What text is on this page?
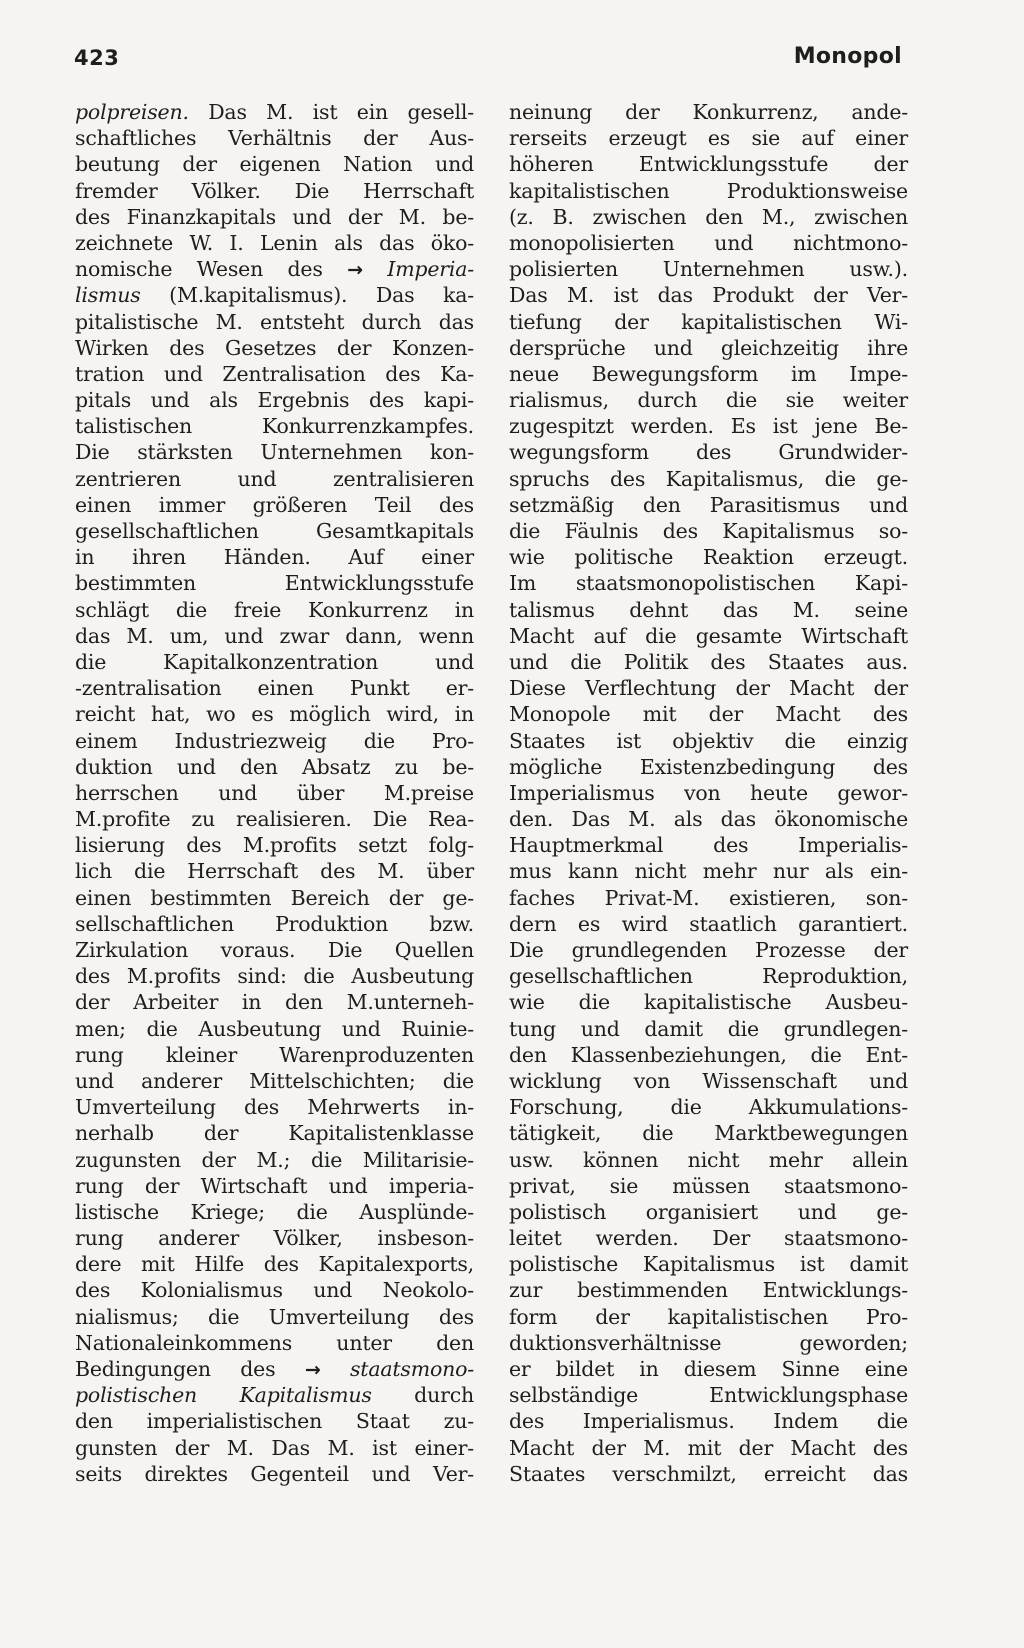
423	Monopol
polpreisen. Das M. ist ein gesell-
schaftliches Verhältnis der Aus-
beutung der eigenen Nation und
fremder Völker. Die Herrschaft
des Finanzkapitals und der M. be-
zeichnete W. I. Lenin als das öko-
nomische Wesen des → Imperia-
lismus (M.kapitalismus). Das ka-
pitalistische M. entsteht durch das
Wirken des Gesetzes der Konzen-
tration und Zentralisation des Ka-
pitals und als Ergebnis des kapi-
talistischen Konkurrenzkampfes.
Die stärksten Unternehmen kon-
zentrieren und zentralisieren
einen immer größeren Teil des
gesellschaftlichen Gesamtkapitals
in ihren Händen. Auf einer
bestimmten Entwicklungsstufe
schlägt die freie Konkurrenz in
das M. um, und zwar dann, wenn
die Kapitalkonzentration und
-zentralisation einen Punkt er-
reicht hat, wo es möglich wird, in
einem Industriezweig die Pro-
duktion und den Absatz zu be-
herrschen und über M.preise
M.profite zu realisieren. Die Rea-
lisierung des M.profits setzt folg-
lich die Herrschaft des M. über
einen bestimmten Bereich der ge-
sellschaftlichen Produktion bzw.
Zirkulation voraus. Die Quellen
des M.profits sind: die Ausbeutung
der Arbeiter in den M.unterneh-
men; die Ausbeutung und Ruinie-
rung kleiner Warenproduzenten
und anderer Mittelschichten; die
Umverteilung des Mehrwerts in-
nerhalb der Kapitalistenklasse
zugunsten der M.; die Militarisie-
rung der Wirtschaft und imperia-
listische Kriege; die Ausplünde-
rung anderer Völker, insbeson-
dere mit Hilfe des Kapitalexports,
des Kolonialismus und Neokolo-
nialismus; die Umverteilung des
Nationaleinkommens unter den
Bedingungen des → staatsmono-
polistischen Kapitalismus durch
den imperialistischen Staat zu-
gunsten der M. Das M. ist einer-
seits direktes Gegenteil und Ver-
neinung der Konkurrenz, ande-
rerseits erzeugt es sie auf einer
höheren Entwicklungsstufe der
kapitalistischen Produktionsweise
(z. B. zwischen den M., zwischen
monopolisierten und nichtmono-
polisierten Unternehmen usw.).
Das M. ist das Produkt der Ver-
tiefung der kapitalistischen Wi-
dersprüche und gleichzeitig ihre
neue Bewegungsform im Impe-
rialismus, durch die sie weiter
zugespitzt werden. Es ist jene Be-
wegungsform des Grundwider-
spruchs des Kapitalismus, die ge-
setzmäßig den Parasitismus und
die Fäulnis des Kapitalismus so-
wie politische Reaktion erzeugt.
Im staatsmonopolistischen Kapi-
talismus dehnt das M. seine
Macht auf die gesamte Wirtschaft
und die Politik des Staates aus.
Diese Verflechtung der Macht der
Monopole mit der Macht des
Staates ist objektiv die einzig
mögliche Existenzbedingung des
Imperialismus von heute gewor-
den. Das M. als das ökonomische
Hauptmerkmal des Imperialis-
mus kann nicht mehr nur als ein-
faches Privat-M. existieren, son-
dern es wird staatlich garantiert.
Die grundlegenden Prozesse der
gesellschaftlichen Reproduktion,
wie die kapitalistische Ausbeu-
tung und damit die grundlegen-
den Klassenbeziehungen, die Ent-
wicklung von Wissenschaft und
Forschung, die Akkumulations-
tätigkeit, die Marktbewegungen
usw. können nicht mehr allein
privat, sie müssen staatsmono-
polistisch organisiert und ge-
leitet werden. Der staatsmono-
polistische Kapitalismus ist damit
zur bestimmenden Entwicklungs-
form der kapitalistischen Pro-
duktionsverhältnisse geworden;
er bildet in diesem Sinne eine
selbständige Entwicklungsphase
des Imperialismus. Indem die
Macht der M. mit der Macht des
Staates verschmilzt, erreicht das
